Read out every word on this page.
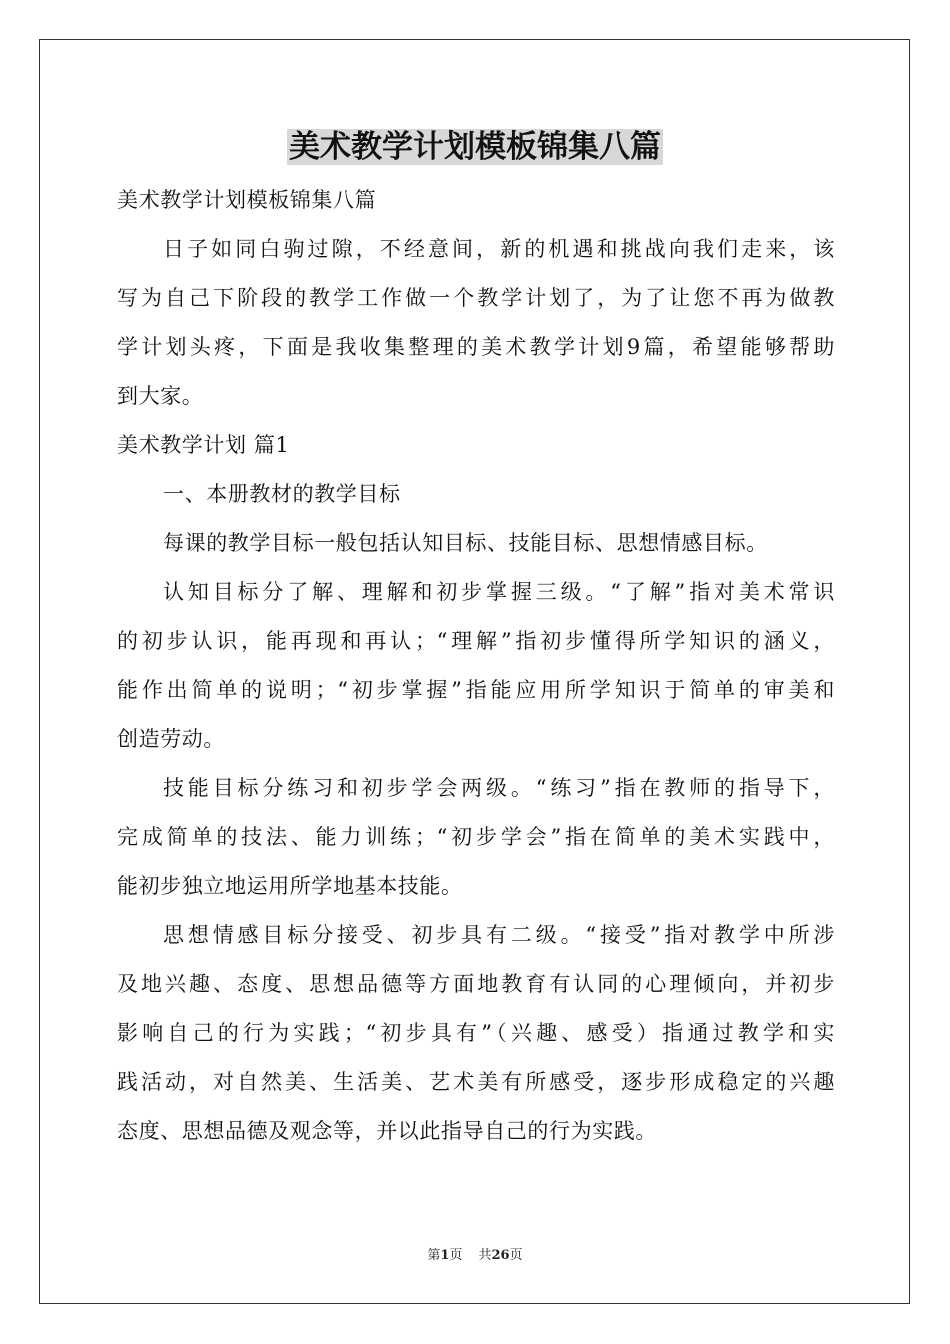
美术教学计划模板锦集八篇
美术教学计划模板锦集八篇
日子如同白驹过隙，不经意间，新的机遇和挑战向我们走来，该
写为自己下阶段的教学工作做一个教学计划了，为了让您不再为做教
学计划头疼，下面是我收集整理的美术教学计划9篇，希望能够帮助
到大家。
美术教学计划 篇1
一、本册教材的教学目标
每课的教学目标一般包括认知目标、技能目标、思想情感目标。
认知目标分了解、理解和初步掌握三级。“了解”指对美术常识
的初步认识，能再现和再认；“理解”指初步懂得所学知识的涵义，
能作出简单的说明；“初步掌握”指能应用所学知识于简单的审美和
创造劳动。
技能目标分练习和初步学会两级。“练习”指在教师的指导下，
完成简单的技法、能力训练；“初步学会”指在简单的美术实践中，
能初步独立地运用所学地基本技能。
思想情感目标分接受、初步具有二级。“接受”指对教学中所涉
及地兴趣、态度、思想品德等方面地教育有认同的心理倾向，并初步
影响自己的行为实践；“初步具有”（兴趣、感受）指通过教学和实
践活动，对自然美、生活美、艺术美有所感受，逐步形成稳定的兴趣
态度、思想品德及观念等，并以此指导自己的行为实践。
第1页 共26页
